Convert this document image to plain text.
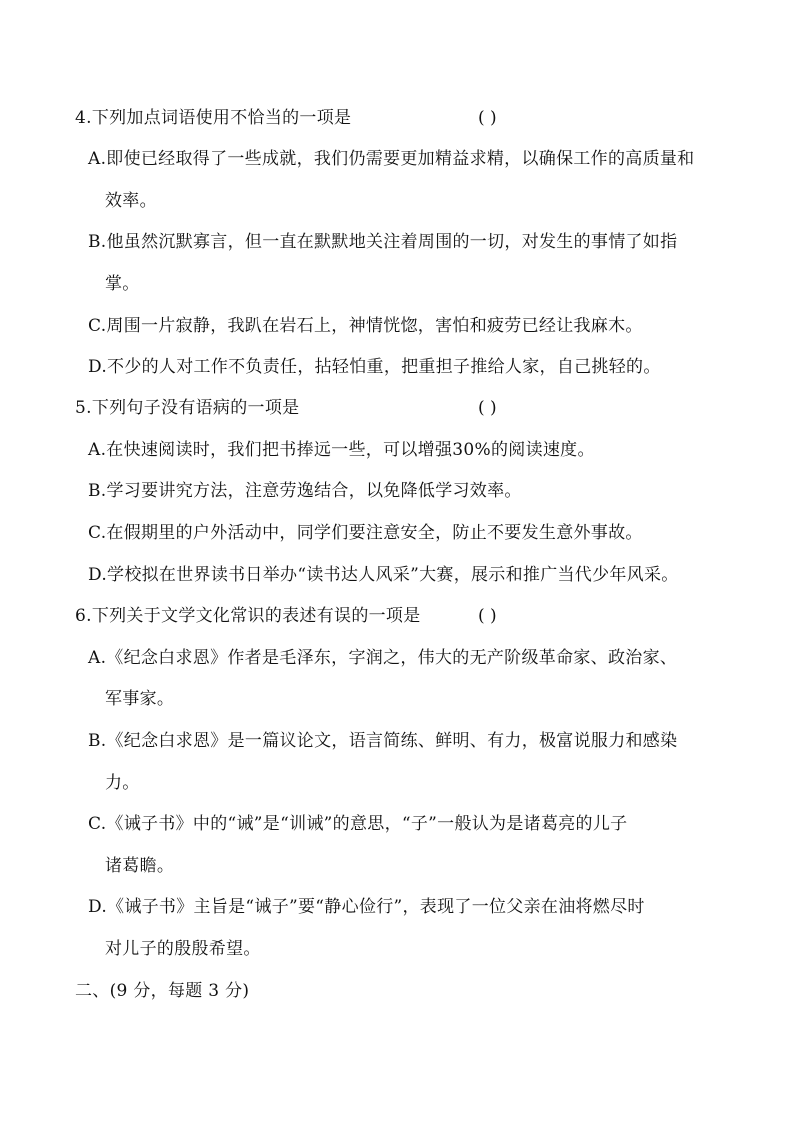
4.下列加点词语使用不恰当的一项是	( )
A.即使已经取得了一些成就，我们仍需要更加精益求精，以确保工作的高质量和
效率。
B.他虽然沉默寡言，但一直在默默地关注着周围的一切，对发生的事情了如指
掌。
C.周围一片寂静，我趴在岩石上，神情恍惚，害怕和疲劳已经让我麻木。
D.不少的人对工作不负责任，拈轻怕重，把重担子推给人家，自己挑轻的。
5.下列句子没有语病的一项是	( )
A.在快速阅读时，我们把书捧远一些，可以增强30%的阅读速度。
B.学习要讲究方法，注意劳逸结合，以免降低学习效率。
C.在假期里的户外活动中，同学们要注意安全，防止不要发生意外事故。
D.学校拟在世界读书日举办“读书达人风采”大赛，展示和推广当代少年风采。
6.下列关于文学文化常识的表述有误的一项是	( )
A.《纪念白求恩》作者是毛泽东，字润之，伟大的无产阶级革命家、政治家、
军事家。
B.《纪念白求恩》是一篇议论文，语言简练、鲜明、有力，极富说服力和感染
力。
C.《诫子书》中的“诫”是“训诫”的意思，“子”一般认为是诸葛亮的儿子
诸葛瞻。
D.《诫子书》主旨是“诫子”要“静心俭行”，表现了一位父亲在油将燃尽时
对儿子的殷殷希望。
二、(9 分，每题 3 分)
